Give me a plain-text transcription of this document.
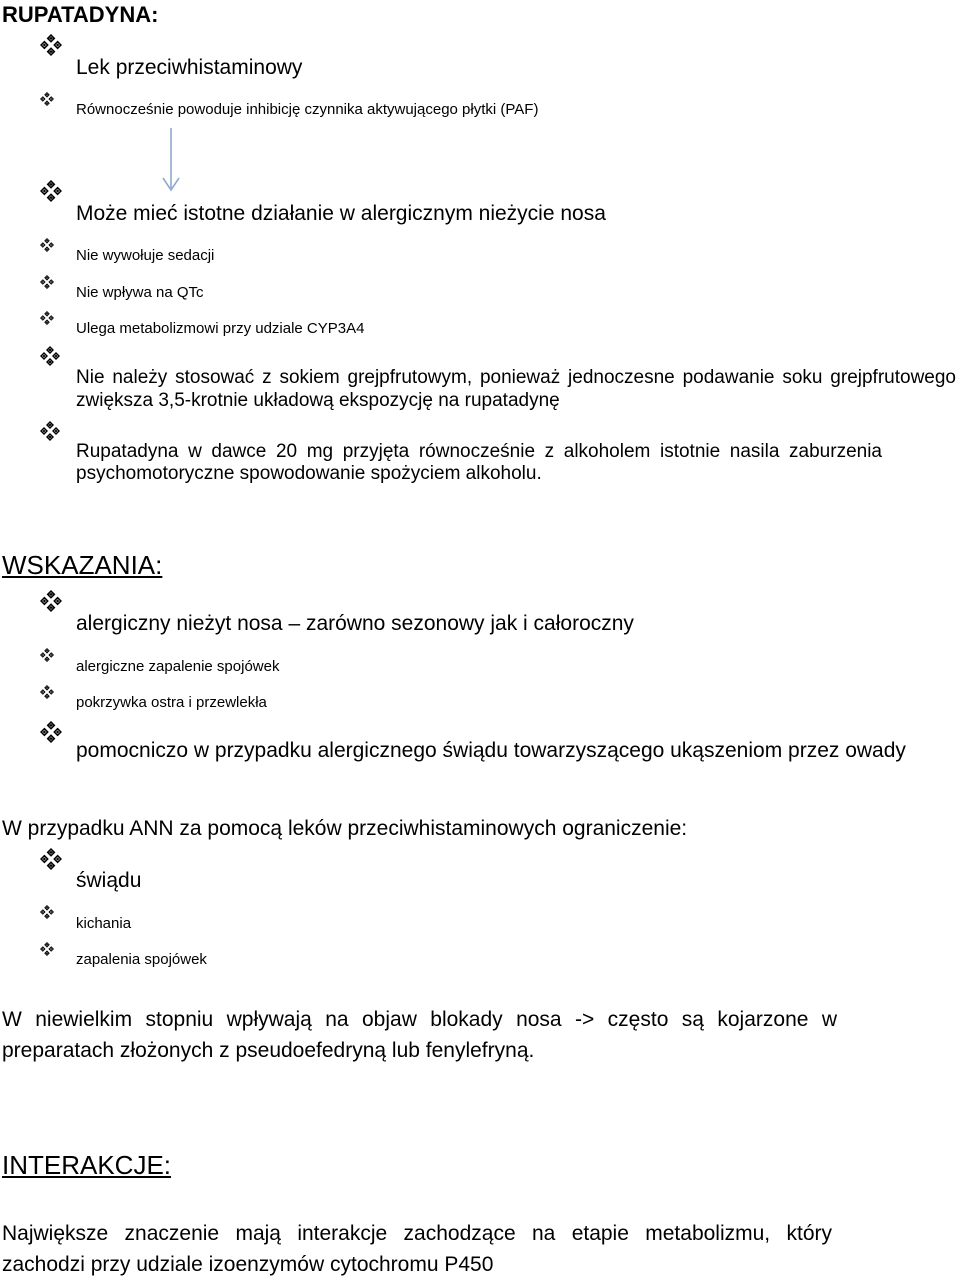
RUPATADYNA:
Lek przeciwhistaminowy
Równocześnie powoduje inhibicję czynnika aktywującego płytki (PAF)
Może mieć istotne działanie w alergicznym nieżycie nosa
Nie wywołuje sedacji
Nie wpływa na QTc
Ulega metabolizmowi przy udziale CYP3A4
Nie należy stosować z sokiem grejpfrutowym, ponieważ jednoczesne podawanie soku grejpfrutowego zwiększa 3,5-krotnie układową ekspozycję na rupatadynę
Rupatadyna w dawce 20 mg przyjęta równocześnie z alkoholem istotnie nasila zaburzenia psychomotoryczne spowodowanie spożyciem alkoholu.
WSKAZANIA:
alergiczny nieżyt nosa – zarówno sezonowy jak i całoroczny
alergiczne zapalenie spojówek
pokrzywka ostra i przewlekła
pomocniczo w przypadku alergicznego świądu towarzyszącego ukąszeniom przez owady
W przypadku ANN za pomocą leków przeciwhistaminowych ograniczenie:
świądu
kichania
zapalenia spojówek
W niewielkim stopniu wpływają na objaw blokady nosa -> często są kojarzone w preparatach złożonych z pseudoefedryną lub fenylefryną.
INTERAKCJE:
Największe znaczenie mają interakcje zachodzące na etapie metabolizmu, który zachodzi przy udziale izoenzymów cytochromu P450
